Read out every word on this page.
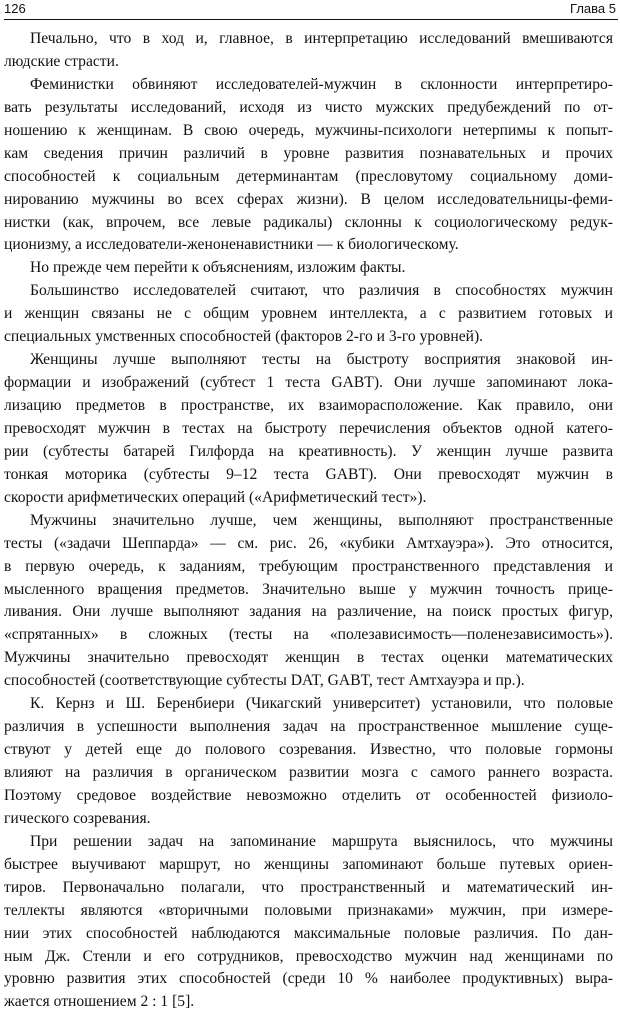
126	Глава 5
Печально, что в ход и, главное, в интерпретацию исследований вмешиваются
людские страсти.
Феминистки обвиняют исследователей-мужчин в склонности интерпретиро-
вать результаты исследований, исходя из чисто мужских предубеждений по от-
ношению к женщинам. В свою очередь, мужчины-психологи нетерпимы к попыт-
кам сведения причин различий в уровне развития познавательных и прочих
способностей к социальным детерминантам (пресловутому социальному доми-
нированию мужчины во всех сферах жизни). В целом исследовательницы-феми-
нистки (как, впрочем, все левые радикалы) склонны к социологическому редук-
ционизму, а исследователи-женоненавистники — к биологическому.
Но прежде чем перейти к объяснениям, изложим факты.
Большинство исследователей считают, что различия в способностях мужчин
и женщин связаны не с общим уровнем интеллекта, а с развитием готовых и
специальных умственных способностей (факторов 2-го и 3-го уровней).
Женщины лучше выполняют тесты на быстроту восприятия знаковой ин-
формации и изображений (субтест 1 теста GABT). Они лучше запоминают лока-
лизацию предметов в пространстве, их взаиморасположение. Как правило, они
превосходят мужчин в тестах на быстроту перечисления объектов одной катего-
рии (субтесты батарей Гилфорда на креативность). У женщин лучше развита
тонкая моторика (субтесты 9–12 теста GABT). Они превосходят мужчин в
скорости арифметических операций («Арифметический тест»).
Мужчины значительно лучше, чем женщины, выполняют пространственные
тесты («задачи Шеппарда» — см. рис. 26, «кубики Амтхауэра»). Это относится,
в первую очередь, к заданиям, требующим пространственного представления и
мысленного вращения предметов. Значительно выше у мужчин точность прице-
ливания. Они лучше выполняют задания на различение, на поиск простых фигур,
«спрятанных» в сложных (тесты на «полезависимость—поленезависимость»).
Мужчины значительно превосходят женщин в тестах оценки математических
способностей (соответствующие субтесты DAT, GABT, тест Амтхауэра и пр.).
К. Кернз и Ш. Беренбиери (Чикагский университет) установили, что половые
различия в успешности выполнения задач на пространственное мышление суще-
ствуют у детей еще до полового созревания. Известно, что половые гормоны
влияют на различия в органическом развитии мозга с самого раннего возраста.
Поэтому средовое воздействие невозможно отделить от особенностей физиоло-
гического созревания.
При решении задач на запоминание маршрута выяснилось, что мужчины
быстрее выучивают маршрут, но женщины запоминают больше путевых ориен-
тиров. Первоначально полагали, что пространственный и математический ин-
теллекты являются «вторичными половыми признаками» мужчин, при измере-
нии этих способностей наблюдаются максимальные половые различия. По дан-
ным Дж. Стенли и его сотрудников, превосходство мужчин над женщинами по
уровню развития этих способностей (среди 10 % наиболее продуктивных) выра-
жается отношением 2 : 1 [5].
